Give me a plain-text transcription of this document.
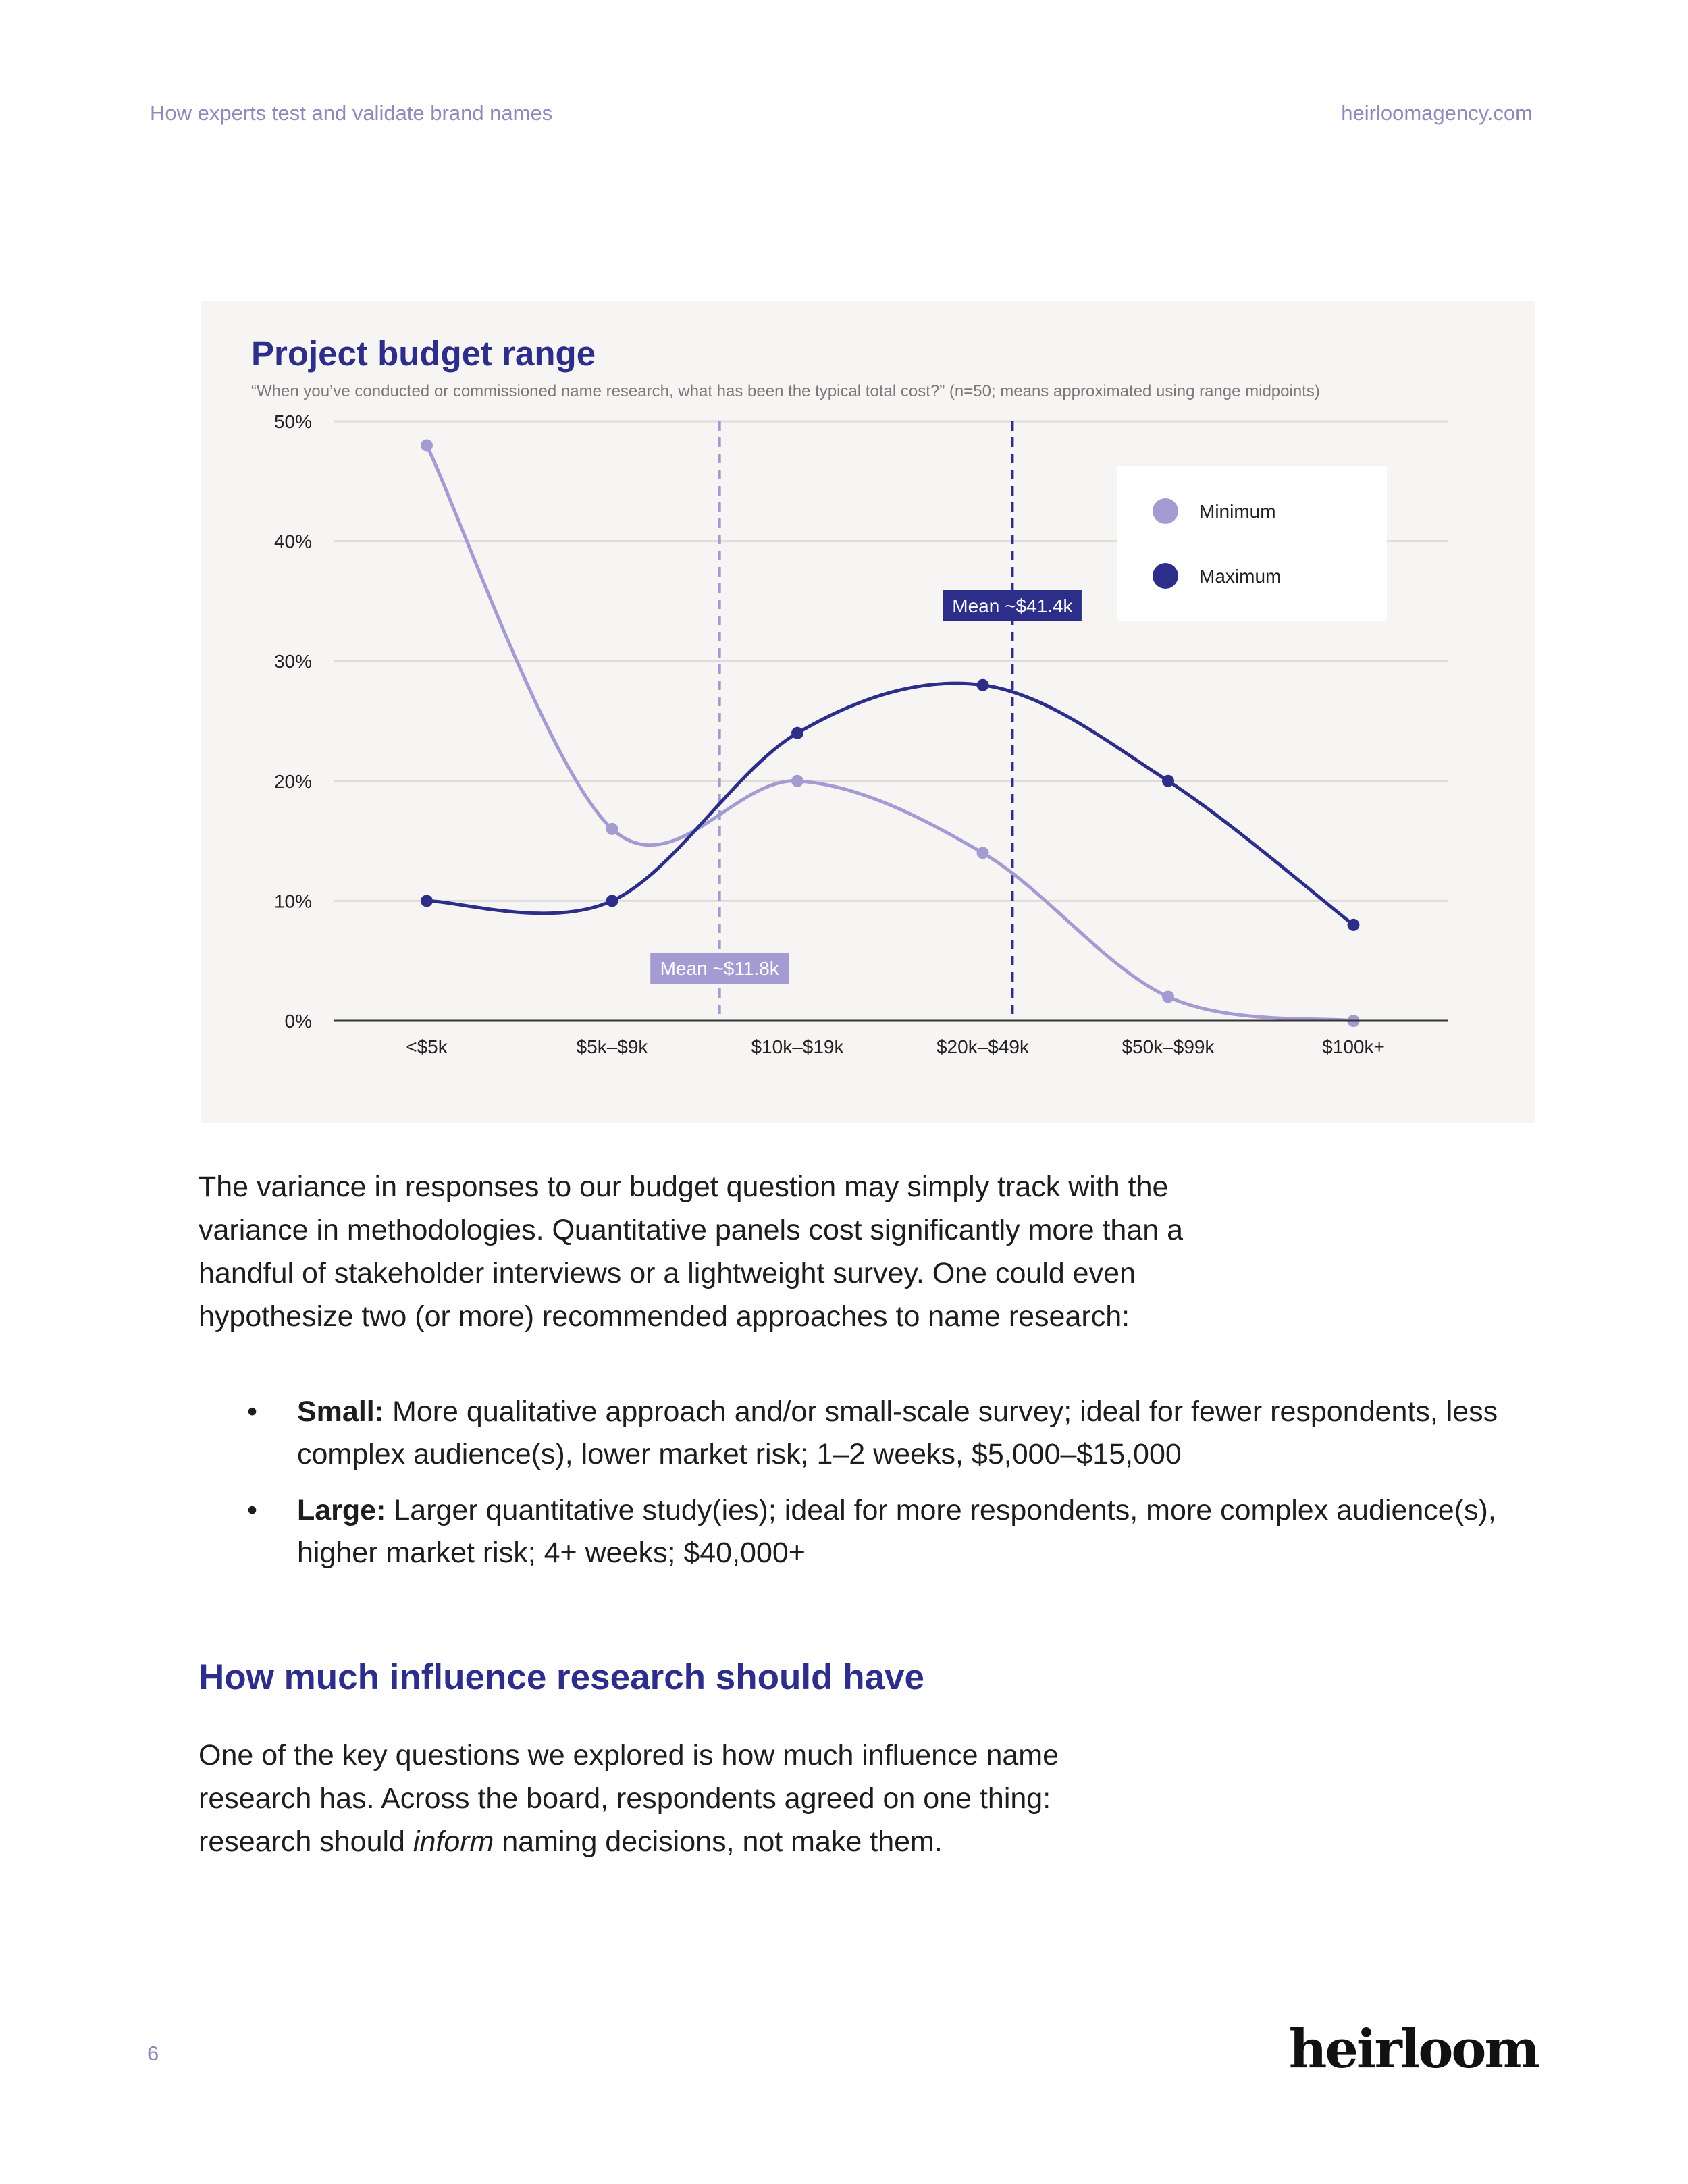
How experts test and validate brand names	heirloomagency.com
Project budget range
“When you’ve conducted or commissioned name research, what has been the typical total cost?” (n=50; means approximated using range midpoints)
Mean ~$11.8k
Mean ~$41.4k
0%
10%
20%
30%
40%
50%
<$5k	$5k–$9k	$10k–$19k	$20k–$49k	$50k–$99k	$100k+
Minimum
Maximum
The variance in responses to our budget question may simply track with the variance in methodologies. Quantitative panels cost significantly more than a handful of stakeholder interviews or a lightweight survey. One could even hypothesize two (or more) recommended approaches to name research:
• Small: More qualitative approach and/or small-scale survey; ideal for fewer respondents, less complex audience(s), lower market risk; 1–2 weeks, $5,000–$15,000
• Large: Larger quantitative study(ies); ideal for more respondents, more complex audience(s), higher market risk; 4+ weeks; $40,000+
How much influence research should have
One of the key questions we explored is how much influence name research has. Across the board, respondents agreed on one thing: research should inform naming decisions, not make them.
6	heirloom
